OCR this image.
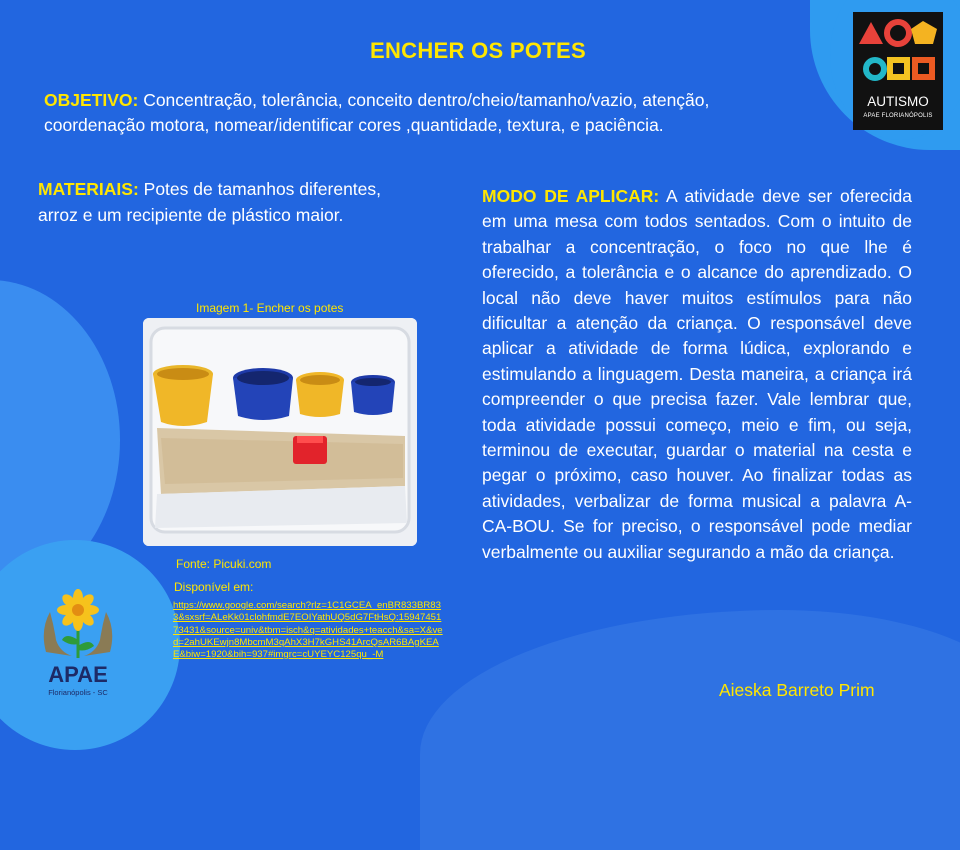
AUTISMO
APAE FLORIANÓPOLIS
ENCHER OS POTES
OBJETIVO: Concentração, tolerância, conceito dentro/cheio/tamanho/vazio, atenção, coordenação motora, nomear/identificar cores ,quantidade, textura, e paciência.
MATERIAIS: Potes de tamanhos diferentes, arroz e um recipiente de plástico maior.
MODO DE APLICAR: A atividade deve ser oferecida em uma mesa com todos sentados. Com o intuito de trabalhar a concentração, o foco no que lhe é oferecido, a tolerância e o alcance do aprendizado. O local não deve haver muitos estímulos para não dificultar a atenção da criança. O responsável deve aplicar a atividade de forma lúdica, explorando e estimulando a linguagem. Desta maneira, a criança irá compreender o que precisa fazer. Vale lembrar que, toda atividade possui começo, meio e fim, ou seja, terminou de executar, guardar o material na cesta e pegar o próximo, caso houver. Ao finalizar todas as atividades, verbalizar de forma musical a palavra A-CA-BOU. Se for preciso, o responsável pode mediar verbalmente ou auxiliar segurando a mão da criança.
Imagem 1- Encher os potes
Fonte: Picuki.com
Disponível em:
https://www.google.com/search?rlz=1C1GCEA_enBR833BR833&sxsrf=ALeKk01clohfmdE7EOIYathUQ5dG7FtHsQ:1594745173431&source=univ&tbm=isch&q=atividades+teacch&sa=X&ved=2ahUKEwjn8MbcmM3qAhX3H7kGHS41ArcQsAR6BAgKEAE&biw=1920&bih=937#imgrc=cUYEYC125qu_-M
APAE
Florianópolis - SC	Aieska Barreto Prim
